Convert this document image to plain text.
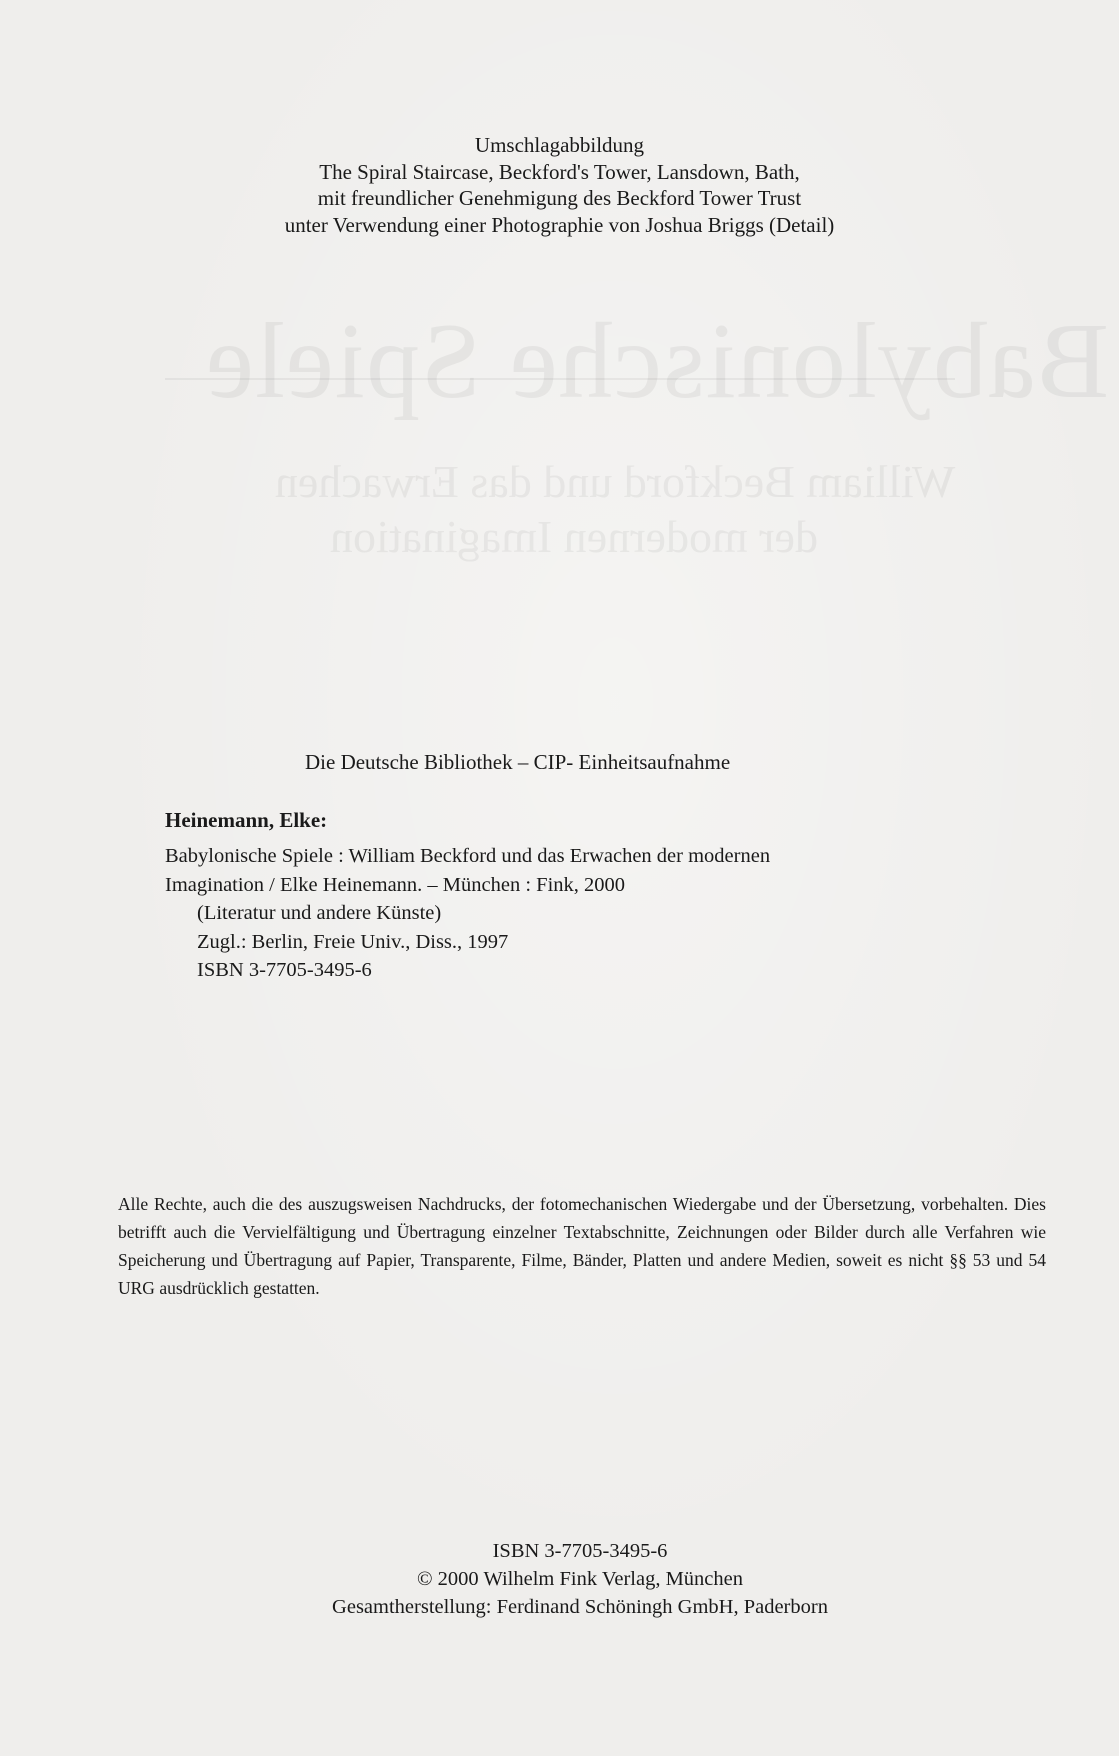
Babylonische Spiele
William Beckford und das Erwachen
der modernen Imagination
Umschlagabbildung
The Spiral Staircase, Beckford's Tower, Lansdown, Bath,
mit freundlicher Genehmigung des Beckford Tower Trust
unter Verwendung einer Photographie von Joshua Briggs (Detail)
Die Deutsche Bibliothek – CIP- Einheitsaufnahme
Heinemann, Elke:
Babylonische Spiele : William Beckford und das Erwachen der modernen
Imagination / Elke Heinemann. – München : Fink, 2000
(Literatur und andere Künste)
Zugl.: Berlin, Freie Univ., Diss., 1997
ISBN 3-7705-3495-6
Alle Rechte, auch die des auszugsweisen Nachdrucks, der fotomechanischen Wiedergabe und der Übersetzung, vorbehalten. Dies betrifft auch die Vervielfältigung und Übertragung einzelner Textabschnitte, Zeichnungen oder Bilder durch alle Verfahren wie Speicherung und Übertragung auf Papier, Transparente, Filme, Bänder, Platten und andere Medien, soweit es nicht §§ 53 und 54 URG ausdrücklich gestatten.
ISBN 3-7705-3495-6
© 2000 Wilhelm Fink Verlag, München
Gesamtherstellung: Ferdinand Schöningh GmbH, Paderborn
